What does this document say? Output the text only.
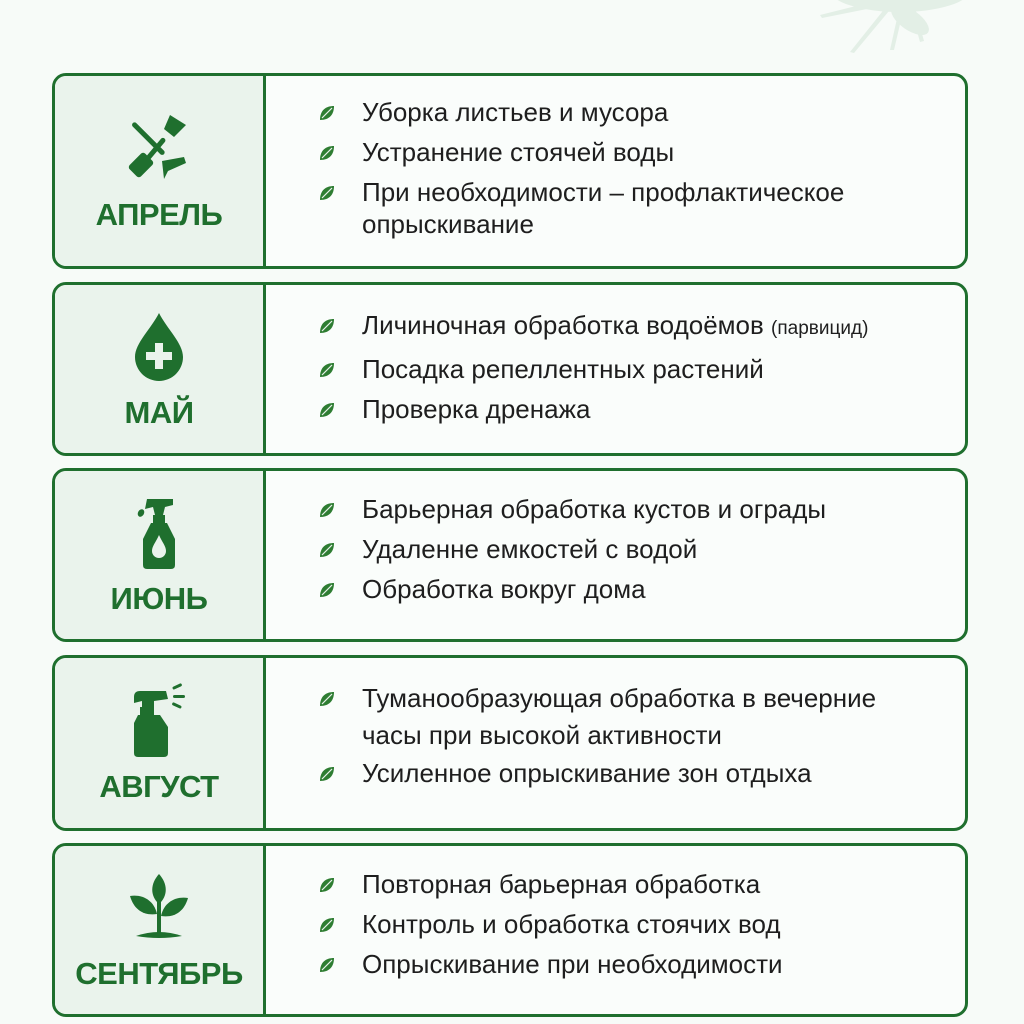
АПРЕЛЬ
Уборка листьев и мусора
Устранение стоячей воды
При необходимости – профлактическое опрыскивание
МАЙ
Личиночная обработка водоёмов (парвицид)
Посадка репеллентных растений
Проверка дренажа
ИЮНЬ
Барьерная обработка кустов и ограды
Удаленне емкостей с водой
Обработка вокруг дома
АВГУСТ
Туманообразующая обработка в вечерние часы при высокой активности
Усиленное опрыскивание зон отдыха
СЕНТЯБРЬ
Повторная барьерная обработка
Контроль и обработка стоячих вод
Опрыскивание при необходимости
